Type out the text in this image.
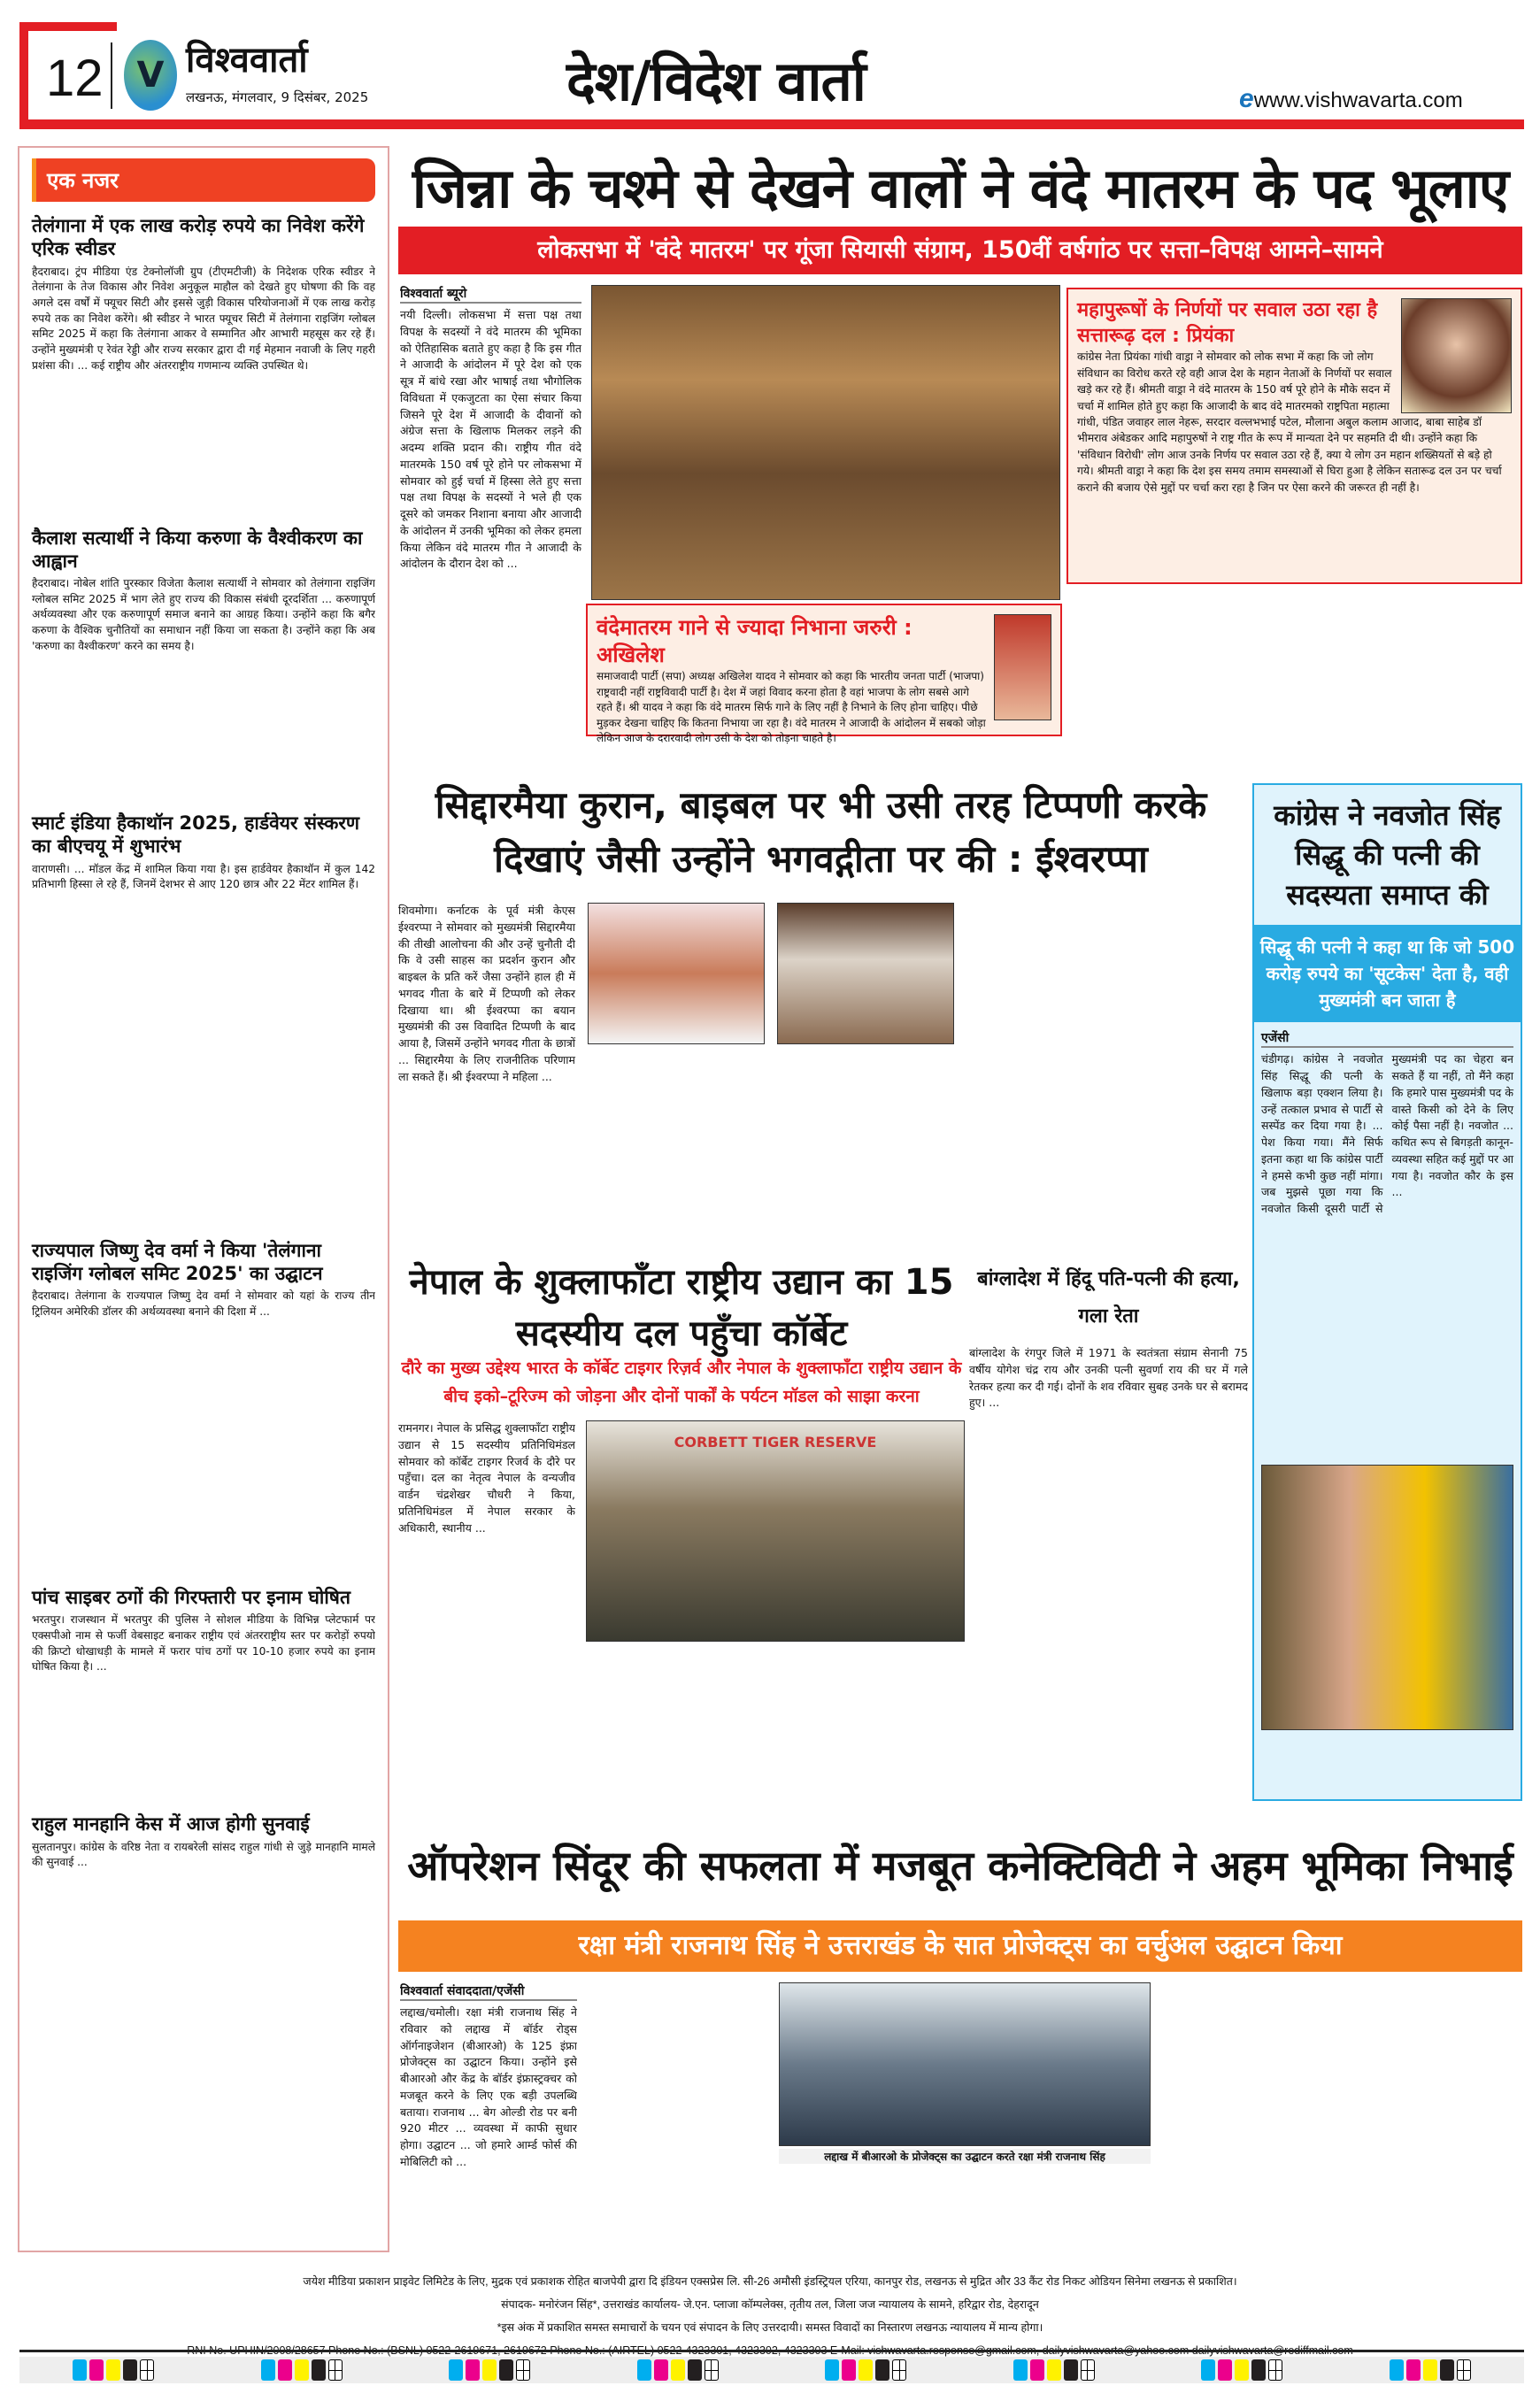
12 V विश्ववार्ता
लखनऊ, मंगलवार, 9 दिसंबर, 2025	देश/विदेश वार्ता	ewww.vishwavarta.com
एक नजर
तेलंगाना में एक लाख करोड़ रुपये का निवेश करेंगे एरिक स्वीडर

हैदराबाद। ट्रंप मीडिया एंड टेक्नोलॉजी ग्रुप (टीएमटीजी) के निदेशक एरिक स्वीडर ने तेलंगाना के तेज विकास और निवेश अनुकूल माहौल को देखते हुए घोषणा की कि वह अगले दस वर्षों में फ्यूचर सिटी और इससे जुड़ी विकास परियोजनाओं में एक लाख करोड़ रुपये तक का निवेश करेंगे। श्री स्वीडर ने भारत फ्यूचर सिटी में तेलंगाना राइजिंग ग्लोबल समिट 2025 में कहा कि तेलंगाना आकर वे सम्मानित और आभारी महसूस कर रहे हैं। उन्होंने मुख्यमंत्री ए रेवंत रेड्डी और राज्य सरकार द्वारा दी गई मेहमान नवाजी के लिए गहरी प्रशंसा की। ... कई राष्ट्रीय और अंतरराष्ट्रीय गणमान्य व्यक्ति उपस्थित थे।

कैलाश सत्यार्थी ने किया करुणा के वैश्वीकरण का आह्वान

हैदराबाद। नोबेल शांति पुरस्कार विजेता कैलाश सत्यार्थी ने सोमवार को तेलंगाना राइजिंग ग्लोबल समिट 2025 में भाग लेते हुए राज्य की विकास संबंधी दूरदर्शिता ... करुणापूर्ण अर्थव्यवस्था और एक करुणापूर्ण समाज बनाने का आग्रह किया। उन्होंने कहा कि बगैर करुणा के वैश्विक चुनौतियों का समाधान नहीं किया जा सकता है। उन्होंने कहा कि अब 'करुणा का वैश्वीकरण' करने का समय है।

स्मार्ट इंडिया हैकाथॉन 2025, हार्डवेयर संस्करण का बीएचयू में शुभारंभ

वाराणसी। ... मॉडल केंद्र में शामिल किया गया है। इस हार्डवेयर हैकाथॉन में कुल 142 प्रतिभागी हिस्सा ले रहे हैं, जिनमें देशभर से आए 120 छात्र और 22 मेंटर शामिल हैं।

राज्यपाल जिष्णु देव वर्मा ने किया 'तेलंगाना राइजिंग ग्लोबल समिट 2025' का उद्घाटन

हैदराबाद। तेलंगाना के राज्यपाल जिष्णु देव वर्मा ने सोमवार को यहां के राज्य तीन ट्रिलियन अमेरिकी डॉलर की अर्थव्यवस्था बनाने की दिशा में ...

पांच साइबर ठगों की गिरफ्तारी पर इनाम घोषित

भरतपुर। राजस्थान में भरतपुर की पुलिस ने सोशल मीडिया के विभिन्न प्लेटफार्म पर एक्सपीओ नाम से फर्जी वेबसाइट बनाकर राष्ट्रीय एवं अंतरराष्ट्रीय स्तर पर करोड़ों रुपयो की क्रिप्टो धोखाधड़ी के मामले में फरार पांच ठगों पर 10-10 हजार रुपये का इनाम घोषित किया है। ...

राहुल मानहानि केस में आज होगी सुनवाई

सुलतानपुर। कांग्रेस के वरिष्ठ नेता व रायबरेली सांसद राहुल गांधी से जुड़े मानहानि मामले की सुनवाई ...

जिन्ना के चश्मे से देखने वालों ने वंदे मातरम के पद भूलाए
लोकसभा में 'वंदे मातरम' पर गूंजा सियासी संग्राम, 150वीं वर्षगांठ पर सत्ता–विपक्ष आमने–सामने
विश्ववार्ता ब्यूरो

नयी दिल्ली। लोकसभा में सत्ता पक्ष तथा विपक्ष के सदस्यों ने वंदे मातरम की भूमिका को ऐतिहासिक बताते हुए कहा है कि इस गीत ने आजादी के आंदोलन में पूरे देश को एक सूत्र में बांधे रखा और भाषाई तथा भौगोलिक विविधता में एकजुटता का ऐसा संचार किया जिसने पूरे देश में आजादी के दीवानों को अंग्रेज सत्ता के खिलाफ मिलकर लड़ने की अदम्य शक्ति प्रदान की। राष्ट्रीय गीत वंदे मातरमके 150 वर्ष पूरे होने पर लोकसभा में सोमवार को हुई चर्चा में हिस्सा लेते हुए सत्ता पक्ष तथा विपक्ष के सदस्यों ने भले ही एक दूसरे को जमकर निशाना बनाया और आजादी के आंदोलन में उनकी भूमिका को लेकर हमला किया लेकिन वंदे मातरम गीत ने आजादी के आंदोलन के दौरान देश को ...

वंदेमातरम गाने से ज्यादा निभाना जरुरी : अखिलेश

समाजवादी पार्टी (सपा) अध्यक्ष अखिलेश यादव ने सोमवार को कहा कि भारतीय जनता पार्टी (भाजपा) राष्ट्रवादी नहीं राष्ट्रविवादी पार्टी है। देश में जहां विवाद करना होता है वहां भाजपा के लोग सबसे आगे रहते हैं। श्री यादव ने कहा कि वंदे मातरम सिर्फ गाने के लिए नहीं है निभाने के लिए होना चाहिए। पीछे मुड़कर देखना चाहिए कि कितना निभाया जा रहा है। वंदे मातरम ने आजादी के आंदोलन में सबको जोड़ा लेकिन आज के दरारवादी लोग उसी के देश को तोड़ना चाहते है।

महापुरूषों के निर्णयों पर सवाल उठा रहा है सत्तारूढ़ दल : प्रियंका

कांग्रेस नेता प्रियंका गांधी वाड्रा ने सोमवार को लोक सभा में कहा कि जो लोग संविधान का विरोध करते रहे वही आज देश के महान नेताओं के निर्णयों पर सवाल खड़े कर रहे हैं। श्रीमती वाड्रा ने वंदे मातरम के 150 वर्ष पूरे होने के मौके सदन में चर्चा में शामिल होते हुए कहा कि आजादी के बाद वंदे मातरमको राष्ट्रपिता महात्मा गांधी, पंडित जवाहर लाल नेहरू, सरदार वल्लभभाई पटेल, मौलाना अबुल कलाम आजाद, बाबा साहेब डॉ भीमराव अंबेडकर आदि महापुरुषों ने राष्ट्र गीत के रूप में मान्यता देने पर सहमति दी थी। उन्होंने कहा कि 'संविधान विरोधी' लोग आज उनके निर्णय पर सवाल उठा रहे हैं, क्या ये लोग उन महान शख्सियतों से बड़े हो गये। श्रीमती वाड्रा ने कहा कि देश इस समय तमाम समस्याओं से घिरा हुआ है लेकिन सतारूढ दल उन पर चर्चा कराने की बजाय ऐसे मुद्दों पर चर्चा करा रहा है जिन पर ऐसा करने की जरूरत ही नहीं है।

सिद्दारमैया कुरान, बाइबल पर भी उसी तरह टिप्पणी करके दिखाएं जैसी उन्होंने भगवद्गीता पर की : ईश्वरप्पा

शिवमोगा। कर्नाटक के पूर्व मंत्री केएस ईश्वरप्पा ने सोमवार को मुख्यमंत्री सिद्दारमैया की तीखी आलोचना की और उन्हें चुनौती दी कि वे उसी साहस का प्रदर्शन कुरान और बाइबल के प्रति करें जैसा उन्होंने हाल ही में भगवद गीता के बारे में टिप्पणी को लेकर दिखाया था। श्री ईश्वरप्पा का बयान मुख्यमंत्री की उस विवादित टिप्पणी के बाद आया है, जिसमें उन्होंने भगवद गीता के छात्रों ... सिद्दारमैया के लिए राजनीतिक परिणाम ला सकते हैं। श्री ईश्वरप्पा ने महिला ...

कांग्रेस ने नवजोत सिंह सिद्धू की पत्नी की सदस्यता समाप्त की
सिद्धू की पत्नी ने कहा था कि जो 500 करोड़ रुपये का 'सूटकेस' देता है, वही मुख्यमंत्री बन जाता है
एजेंसी

चंडीगढ़। कांग्रेस ने नवजोत सिंह सिद्धू की पत्नी के खिलाफ बड़ा एक्शन लिया है। उन्हें तत्काल प्रभाव से पार्टी से सस्पेंड कर दिया गया है। ... पेश किया गया। मैंने सिर्फ इतना कहा था कि कांग्रेस पार्टी ने हमसे कभी कुछ नहीं मांगा। जब मुझसे पूछा गया कि नवजोत किसी दूसरी पार्टी से मुख्यमंत्री पद का चेहरा बन सकते हैं या नहीं, तो मैंने कहा कि हमारे पास मुख्यमंत्री पद के वास्ते किसी को देने के लिए कोई पैसा नहीं है। नवजोत ... कथित रूप से बिगड़ती कानून-व्यवस्था सहित कई मुद्दों पर आ गया है। नवजोत कौर के इस ...

नेपाल के शुक्लाफाँटा राष्ट्रीय उद्यान का 15 सदस्यीय दल पहुँचा कॉर्बेट
दौरे का मुख्य उद्देश्य भारत के कॉर्बेट टाइगर रिज़र्व और नेपाल के शुक्लाफाँटा राष्ट्रीय उद्यान के बीच इको–टूरिज्म को जोड़ना और दोनों पार्कों के पर्यटन मॉडल को साझा करना

रामनगर। नेपाल के प्रसिद्ध शुक्लाफाँटा राष्ट्रीय उद्यान से 15 सदस्यीय प्रतिनिधिमंडल सोमवार को कॉर्बेट टाइगर रिजर्व के दौरे पर पहुँचा। दल का नेतृत्व नेपाल के वन्यजीव वार्डन चंद्रशेखर चौधरी ने किया, प्रतिनिधिमंडल में नेपाल सरकार के अधिकारी, स्थानीय ...

CORBETT TIGER RESERVE
बांग्लादेश में हिंदू पति-पत्नी की हत्या, गला रेता

बांग्लादेश के रंगपुर जिले में 1971 के स्वतंत्रता संग्राम सेनानी 75 वर्षीय योगेश चंद्र राय और उनकी पत्नी सुवर्णा राय की घर में गले रेतकर हत्या कर दी गई। दोनों के शव रविवार सुबह उनके घर से बरामद हुए। ...

ऑपरेशन सिंदूर की सफलता में मजबूत कनेक्टिविटी ने अहम भूमिका निभाई
रक्षा मंत्री राजनाथ सिंह ने उत्तराखंड के सात प्रोजेक्ट्स का वर्चुअल उद्घाटन किया
विश्ववार्ता संवाददाता/एजेंसी

लद्दाख/चमोली। रक्षा मंत्री राजनाथ सिंह ने रविवार को लद्दाख में बॉर्डर रोड्स ऑर्गनाइजेशन (बीआरओ) के 125 इंफ्रा प्रोजेक्ट्स का उद्घाटन किया। उन्होंने इसे बीआरओ और केंद्र के बॉर्डर इंफ्रास्ट्रक्चर को मजबूत करने के लिए एक बड़ी उपलब्धि बताया। राजनाथ ... बेग ओल्डी रोड पर बनी 920 मीटर ... व्यवस्था में काफी सुधार होगा। उद्घाटन ... जो हमारे आर्म्ड फोर्स की मोबिलिटी को ...	लद्दाख में बीआरओ के प्रोजेक्ट्स का उद्घाटन करते रक्षा मंत्री राजनाथ सिंह
जयेश मीडिया प्रकाशन प्राइवेट लिमिटेड के लिए, मुद्रक एवं प्रकाशक रोहित बाजपेयी द्वारा दि इंडियन एक्सप्रेस लि. सी-26 अमौसी इंडस्ट्रियल एरिया, कानपुर रोड, लखनऊ से मुद्रित और 33 कैंट रोड निकट ओडियन सिनेमा लखनऊ से प्रकाशित।
संपादक- मनोरंजन सिंह*, उत्तराखंड कार्यालय- जे.एन. प्लाजा कॉम्पलेक्स, तृतीय तल, जिला जज न्यायालय के सामने, हरिद्वार रोड, देहरादून
*इस अंक में प्रकाशित समस्त समाचारों के चयन एवं संपादन के लिए उत्तरदायी। समस्त विवादों का निस्तारण लखनऊ न्यायालय में मान्य होगा।
